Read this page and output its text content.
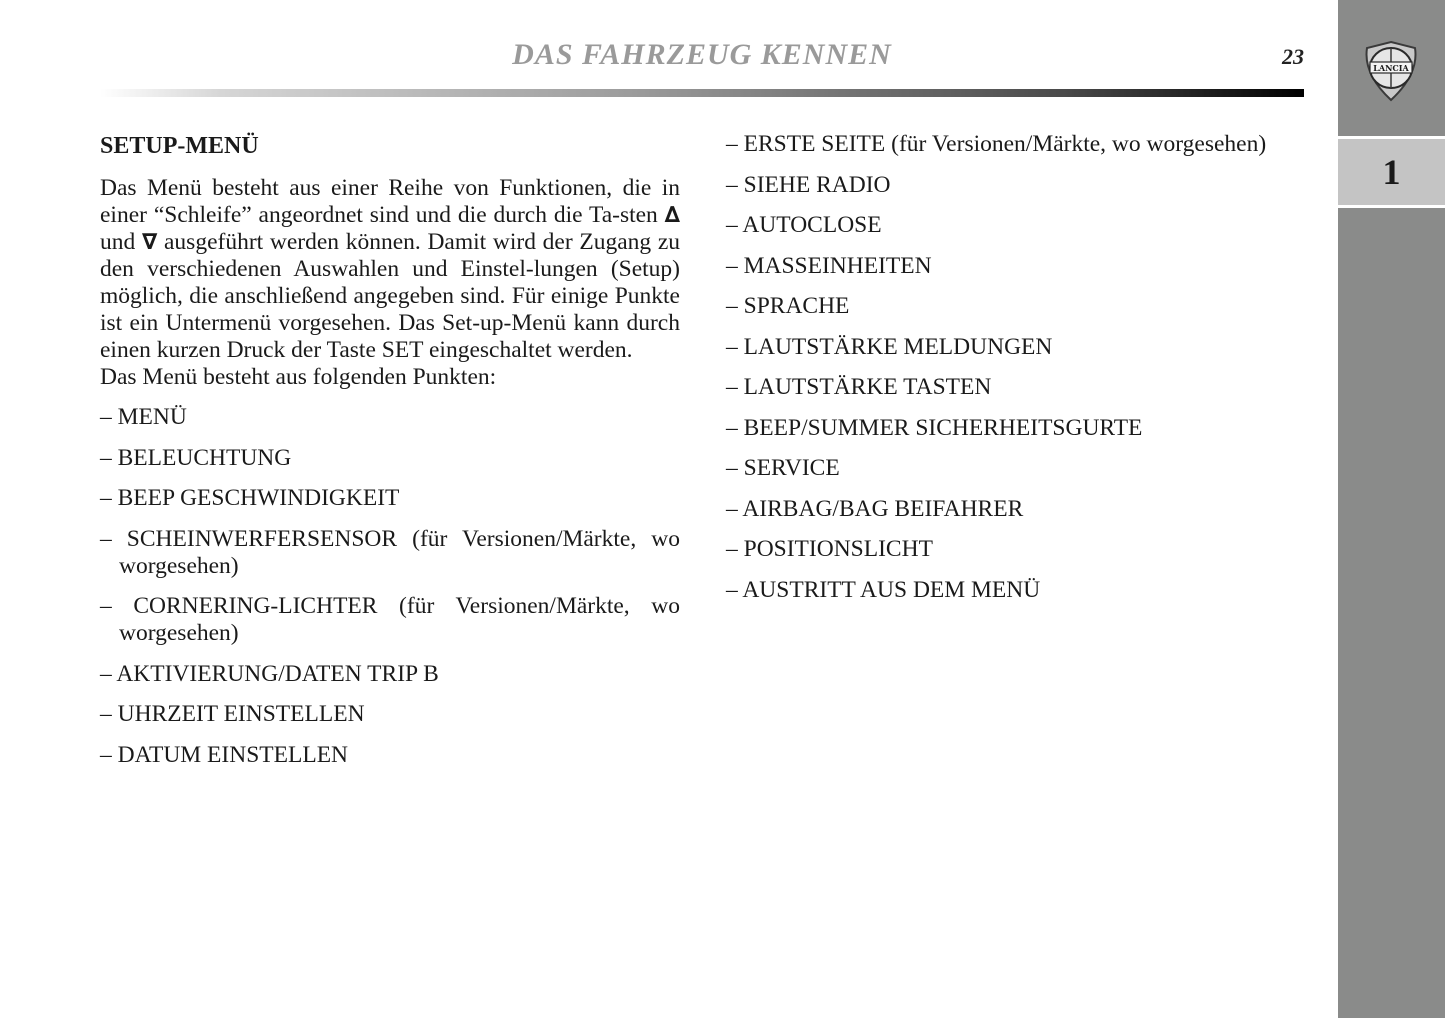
DAS FAHRZEUG KENNEN	23	LANCIA
1
SETUP-MENÜ

Das Menü besteht aus einer Reihe von Funktionen, die in einer “Schleife” angeordnet sind und die durch die Ta-sten ∆ und ∇ ausgeführt werden können. Damit wird der Zugang zu den verschiedenen Auswahlen und Einstel-lungen (Setup) möglich, die anschließend angegeben sind. Für einige Punkte ist ein Untermenü vorgesehen. Das Set-up-Menü kann durch einen kurzen Druck der Taste SET eingeschaltet werden.

Das Menü besteht aus folgenden Punkten:

– MENÜ
– BELEUCHTUNG
– BEEP GESCHWINDIGKEIT
– SCHEINWERFERSENSOR (für Versionen/Märkte, wo worgesehen)
– CORNERING-LICHTER (für Versionen/Märkte, wo worgesehen)
– AKTIVIERUNG/DATEN TRIP B
– UHRZEIT EINSTELLEN
– DATUM EINSTELLEN
– ERSTE SEITE (für Versionen/Märkte, wo worgesehen)
– SIEHE RADIO
– AUTOCLOSE
– MASSEINHEITEN
– SPRACHE
– LAUTSTÄRKE MELDUNGEN
– LAUTSTÄRKE TASTEN
– BEEP/SUMMER SICHERHEITSGURTE
– SERVICE
– AIRBAG/BAG BEIFAHRER
– POSITIONSLICHT
– AUSTRITT AUS DEM MENÜ
